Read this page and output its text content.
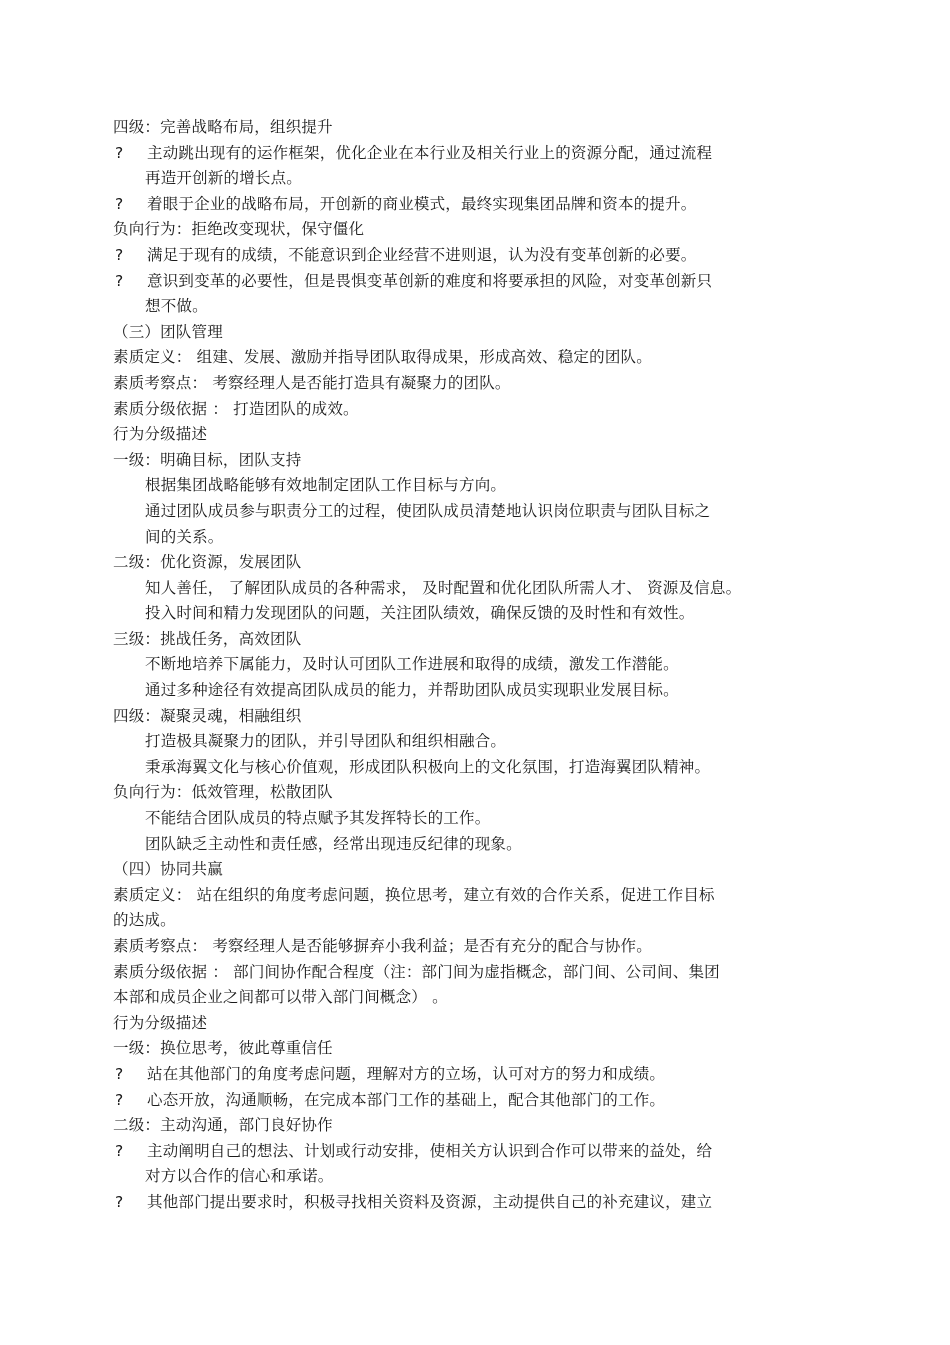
四级：完善战略布局，组织提升
? 主动跳出现有的运作框架，优化企业在本行业及相关行业上的资源分配，通过流程
再造开创新的增长点。
? 着眼于企业的战略布局，开创新的商业模式，最终实现集团品牌和资本的提升。
负向行为：拒绝改变现状，保守僵化
? 满足于现有的成绩，不能意识到企业经营不进则退，认为没有变革创新的必要。
? 意识到变革的必要性，但是畏惧变革创新的难度和将要承担的风险，对变革创新只
想不做。
（三）团队管理
素质定义： 组建、发展、激励并指导团队取得成果，形成高效、稳定的团队。
素质考察点： 考察经理人是否能打造具有凝聚力的团队。
素质分级依据 ： 打造团队的成效。
行为分级描述
一级：明确目标，团队支持
根据集团战略能够有效地制定团队工作目标与方向。
通过团队成员参与职责分工的过程，使团队成员清楚地认识岗位职责与团队目标之
间的关系。
二级：优化资源，发展团队
知人善任， 了解团队成员的各种需求， 及时配置和优化团队所需人才、 资源及信息。
投入时间和精力发现团队的问题，关注团队绩效，确保反馈的及时性和有效性。
三级：挑战任务，高效团队
不断地培养下属能力，及时认可团队工作进展和取得的成绩，激发工作潜能。
通过多种途径有效提高团队成员的能力，并帮助团队成员实现职业发展目标。
四级：凝聚灵魂，相融组织
打造极具凝聚力的团队，并引导团队和组织相融合。
秉承海翼文化与核心价值观，形成团队积极向上的文化氛围，打造海翼团队精神。
负向行为：低效管理，松散团队
不能结合团队成员的特点赋予其发挥特长的工作。
团队缺乏主动性和责任感，经常出现违反纪律的现象。
（四）协同共赢
素质定义： 站在组织的角度考虑问题，换位思考，建立有效的合作关系，促进工作目标
的达成。
素质考察点： 考察经理人是否能够摒弃小我利益；是否有充分的配合与协作。
素质分级依据 ： 部门间协作配合程度（注：部门间为虚指概念，部门间、公司间、集团
本部和成员企业之间都可以带入部门间概念） 。
行为分级描述
一级：换位思考，彼此尊重信任
? 站在其他部门的角度考虑问题，理解对方的立场，认可对方的努力和成绩。
? 心态开放，沟通顺畅，在完成本部门工作的基础上，配合其他部门的工作。
二级：主动沟通，部门良好协作
? 主动阐明自己的想法、计划或行动安排，使相关方认识到合作可以带来的益处，给
对方以合作的信心和承诺。
? 其他部门提出要求时，积极寻找相关资料及资源，主动提供自己的补充建议，建立
